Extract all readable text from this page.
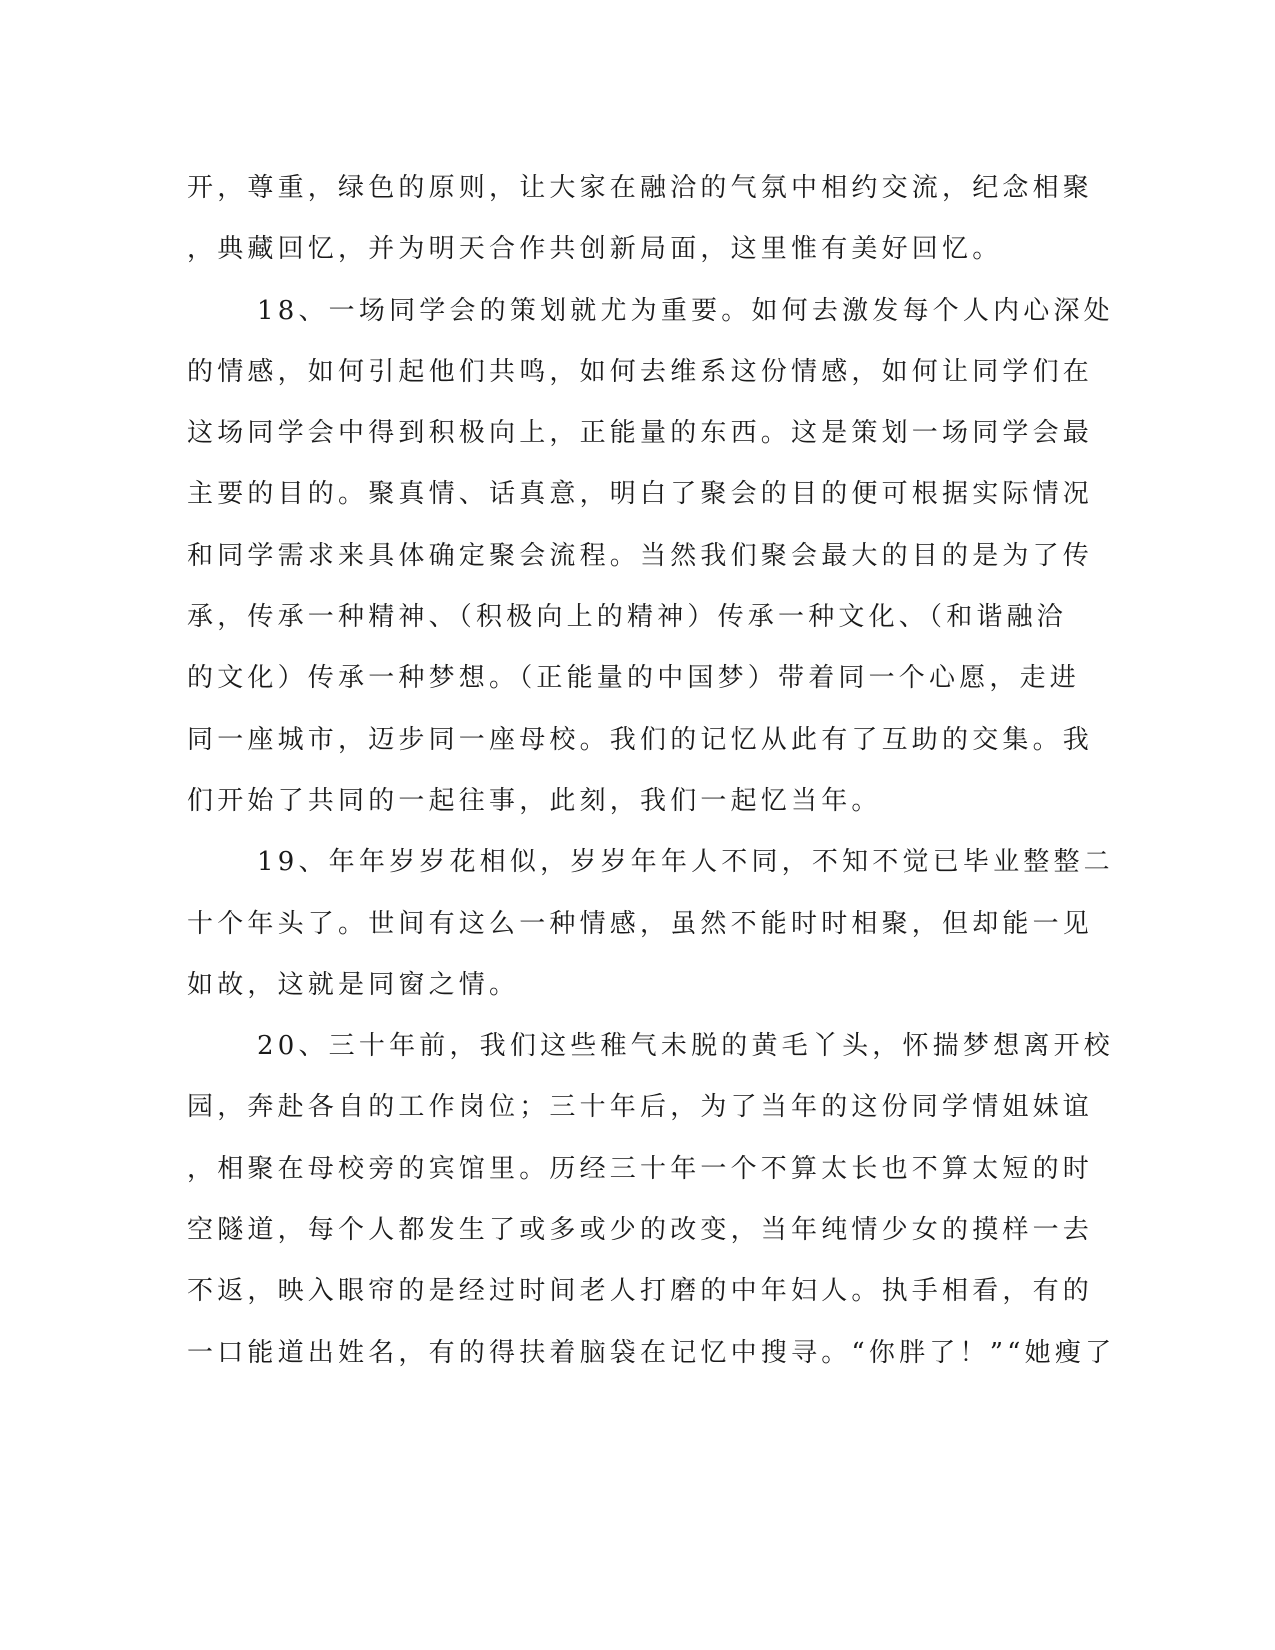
开，尊重，绿色的原则，让大家在融洽的气氛中相约交流，纪念相聚
，典藏回忆，并为明天合作共创新局面，这里惟有美好回忆。
18、一场同学会的策划就尤为重要。如何去激发每个人内心深处
的情感，如何引起他们共鸣，如何去维系这份情感，如何让同学们在
这场同学会中得到积极向上，正能量的东西。这是策划一场同学会最
主要的目的。聚真情、话真意，明白了聚会的目的便可根据实际情况
和同学需求来具体确定聚会流程。当然我们聚会最大的目的是为了传
承，传承一种精神、（积极向上的精神）传承一种文化、（和谐融洽
的文化）传承一种梦想。（正能量的中国梦）带着同一个心愿，走进
同一座城市，迈步同一座母校。我们的记忆从此有了互助的交集。我
们开始了共同的一起往事，此刻，我们一起忆当年。
19、年年岁岁花相似，岁岁年年人不同，不知不觉已毕业整整二
十个年头了。世间有这么一种情感，虽然不能时时相聚，但却能一见
如故，这就是同窗之情。
20、三十年前，我们这些稚气未脱的黄毛丫头，怀揣梦想离开校
园，奔赴各自的工作岗位；三十年后，为了当年的这份同学情姐妹谊
，相聚在母校旁的宾馆里。历经三十年一个不算太长也不算太短的时
空隧道，每个人都发生了或多或少的改变，当年纯情少女的摸样一去
不返，映入眼帘的是经过时间老人打磨的中年妇人。执手相看，有的
一口能道出姓名，有的得扶着脑袋在记忆中搜寻。“你胖了！”“她瘦了
